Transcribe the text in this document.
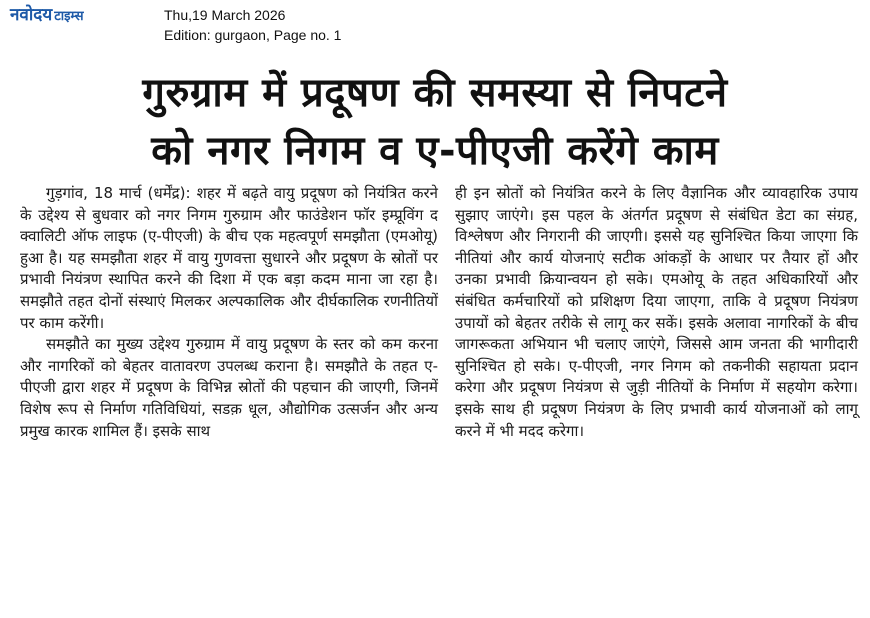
नवोदय टाइम्स	Thu,19 March 2026
Edition: gurgaon, Page no. 1
गुरुग्राम में प्रदूषण की समस्या से निपटने
को नगर निगम व ए-पीएजी करेंगे काम

गुड़गांव, 18 मार्च (धर्मेंद्र): शहर में बढ़ते वायु प्रदूषण को नियंत्रित करने के उद्देश्य से बुधवार को नगर निगम गुरुग्राम और फाउंडेशन फॉर इम्प्रूविंग द क्वालिटी ऑफ लाइफ (ए-पीएजी) के बीच एक महत्वपूर्ण समझौता (एमओयू) हुआ है। यह समझौता शहर में वायु गुणवत्ता सुधारने और प्रदूषण के स्रोतों पर प्रभावी नियंत्रण स्थापित करने की दिशा में एक बड़ा कदम माना जा रहा है। समझौते तहत दोनों संस्थाएं मिलकर अल्पकालिक और दीर्घकालिक रणनीतियों पर काम करेंगी।

समझौते का मुख्य उद्देश्य गुरुग्राम में वायु प्रदूषण के स्तर को कम करना और नागरिकों को बेहतर वातावरण उपलब्ध कराना है। समझौते के तहत ए-पीएजी द्वारा शहर में प्रदूषण के विभिन्न स्रोतों की पहचान की जाएगी, जिनमें विशेष रूप से निर्माण गतिविधियां, सडक़ धूल, औद्योगिक उत्सर्जन और अन्य प्रमुख कारक शामिल हैं। इसके साथ

ही इन स्रोतों को नियंत्रित करने के लिए वैज्ञानिक और व्यावहारिक उपाय सुझाए जाएंगे। इस पहल के अंतर्गत प्रदूषण से संबंधित डेटा का संग्रह, विश्लेषण और निगरानी की जाएगी। इससे यह सुनिश्चित किया जाएगा कि नीतियां और कार्य योजनाएं सटीक आंकड़ों के आधार पर तैयार हों और उनका प्रभावी क्रियान्वयन हो सके। एमओयू के तहत अधिकारियों और संबंधित कर्मचारियों को प्रशिक्षण दिया जाएगा, ताकि वे प्रदूषण नियंत्रण उपायों को बेहतर तरीके से लागू कर सकें। इसके अलावा नागरिकों के बीच जागरूकता अभियान भी चलाए जाएंगे, जिससे आम जनता की भागीदारी सुनिश्चित हो सके। ए-पीएजी, नगर निगम को तकनीकी सहायता प्रदान करेगा और प्रदूषण नियंत्रण से जुड़ी नीतियों के निर्माण में सहयोग करेगा। इसके साथ ही प्रदूषण नियंत्रण के लिए प्रभावी कार्य योजनाओं को लागू करने में भी मदद करेगा।
